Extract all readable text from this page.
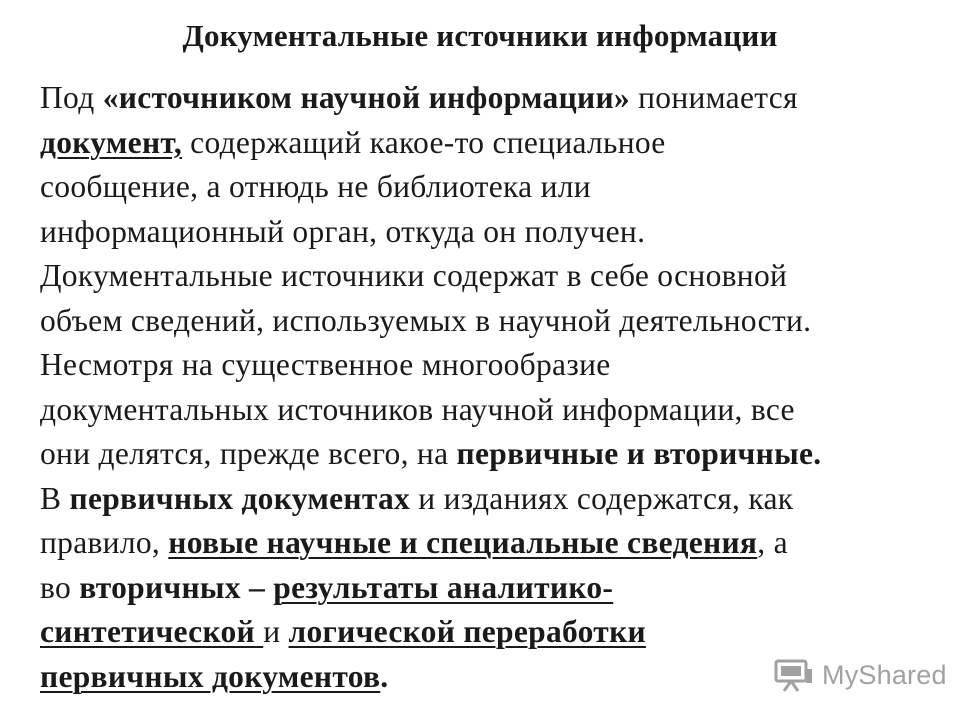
Документальные источники информации
Под «источником научной информации» понимается
документ, содержащий какое-то специальное
сообщение, а отнюдь не библиотека или
информационный орган, откуда он получен.
Документальные источники содержат в себе основной
объем сведений, используемых в научной деятельности.
Несмотря на существенное многообразие
документальных источников научной информации, все
они делятся, прежде всего, на первичные и вторичные.
В первичных документах и изданиях содержатся, как
правило, новые научные и специальные сведения, а
во вторичных – результаты аналитико-
синтетической и логической переработки
первичных документов.	MyShared
